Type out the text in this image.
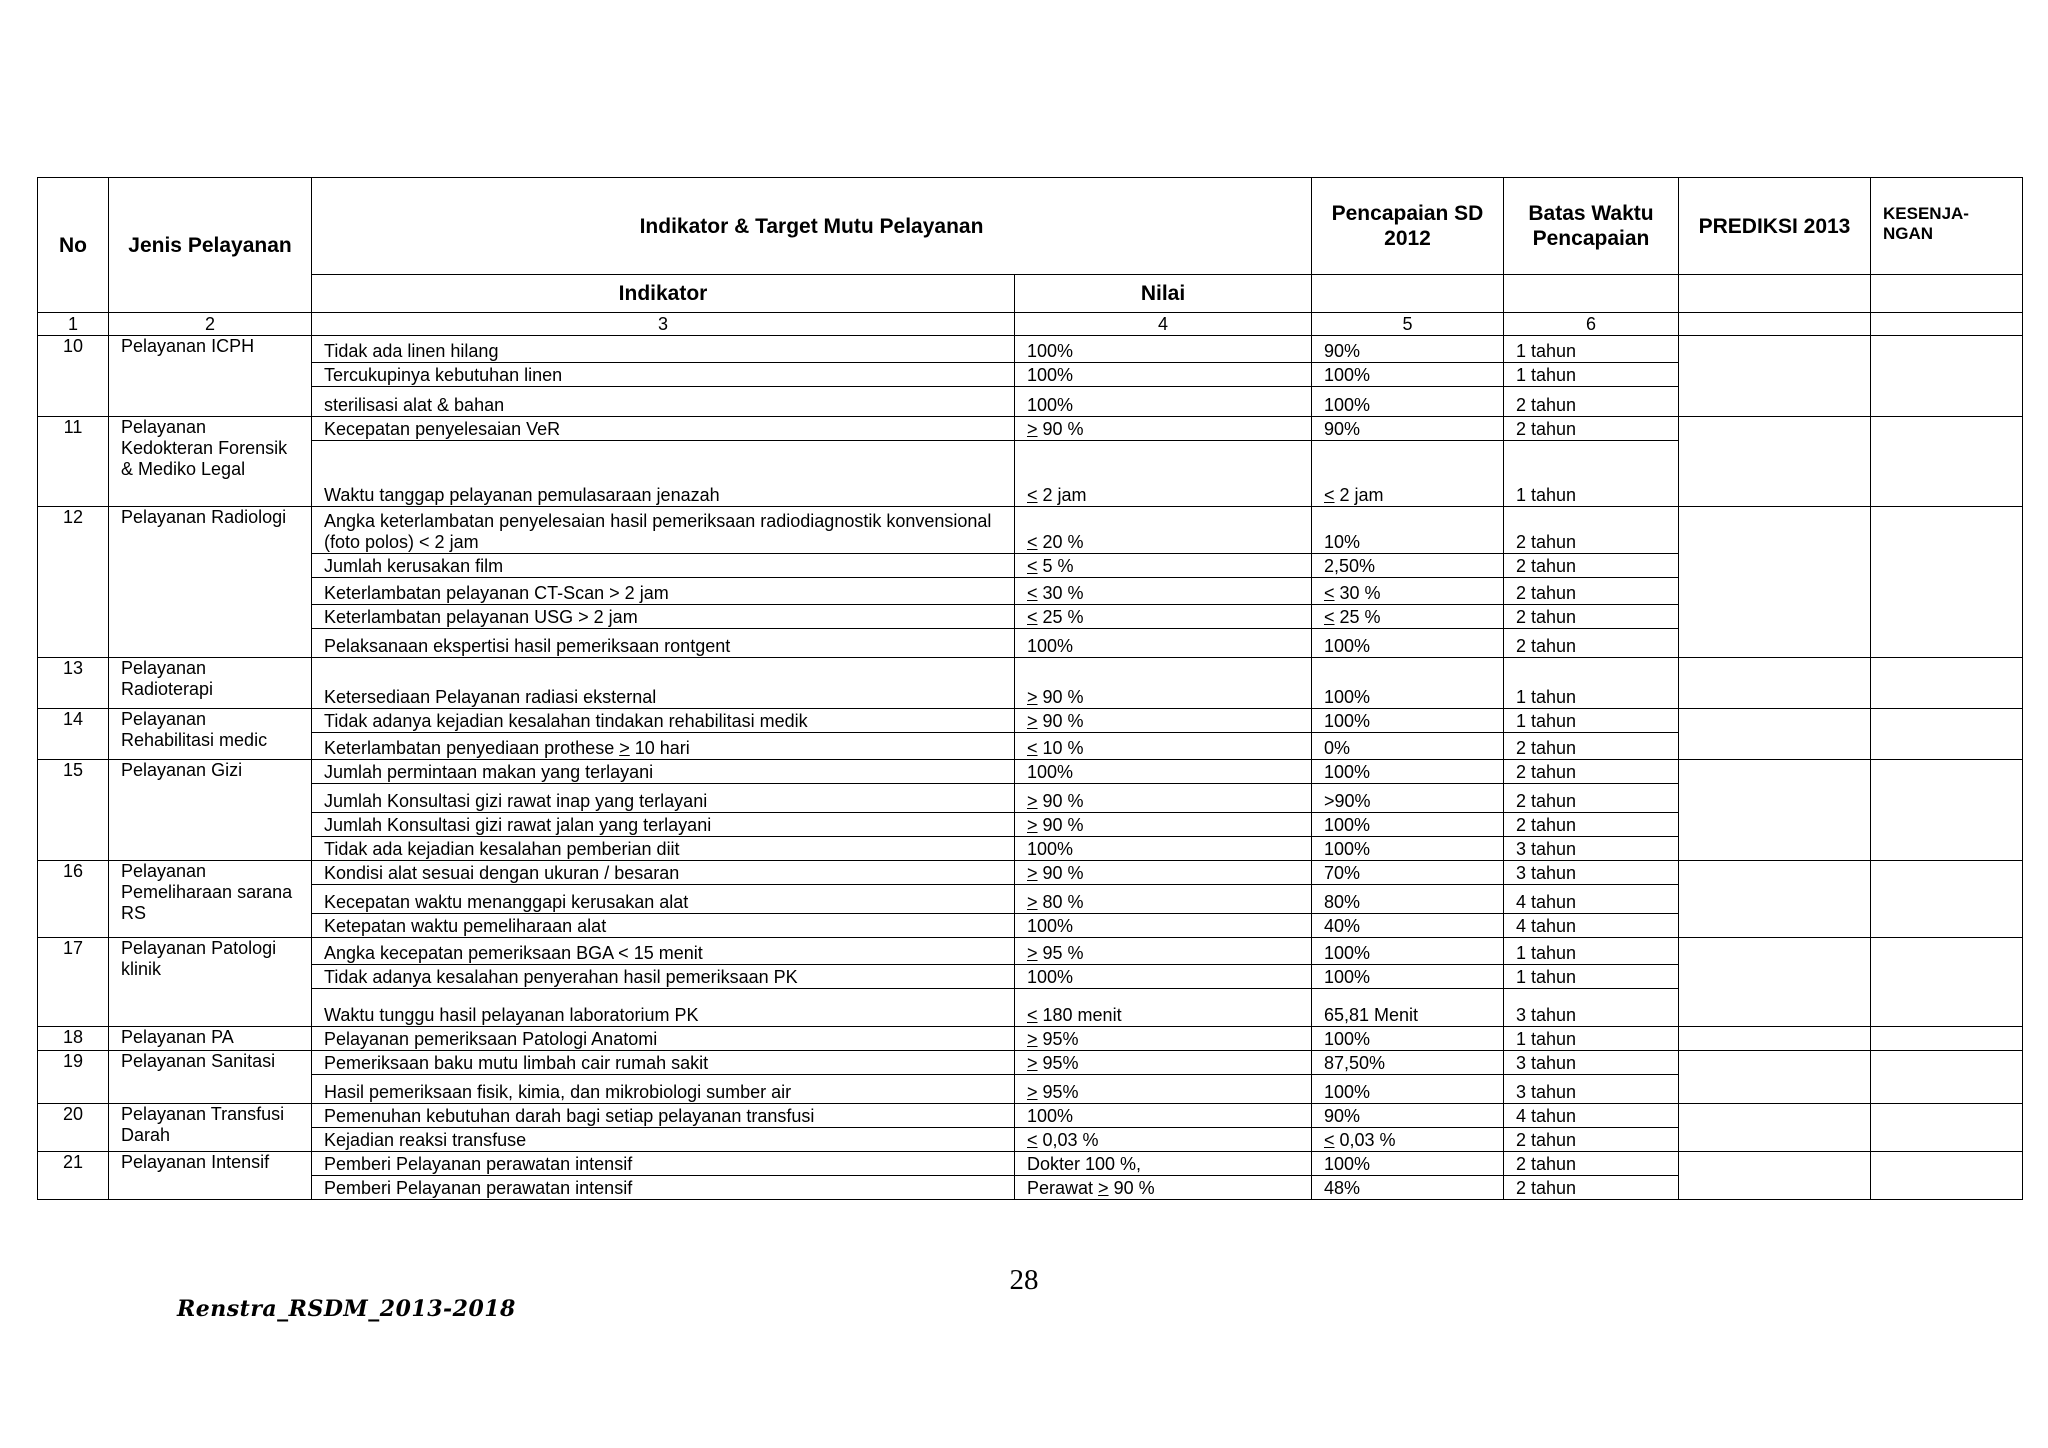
No	Jenis Pelayanan	Indikator & Target Mutu Pelayanan		Pencapaian SD 2012	Batas Waktu Pencapaian	PREDIKSI 2013	KESENJA-NGAN
		Indikator	Nilai				
1	2	3	4	5	6		
10	Pelayanan ICPH	Tidak ada linen hilang	100%	90%	1 tahun		
		Tercukupinya kebutuhan linen	100%	100%	1 tahun		
		sterilisasi alat & bahan	100%	100%	2 tahun		
11	Pelayanan Kedokteran Forensik & Mediko Legal	Kecepatan penyelesaian VeR	> 90 %	90%	2 tahun		
		Waktu tanggap pelayanan pemulasaraan jenazah	< 2 jam	< 2 jam	1 tahun		
12	Pelayanan Radiologi	Angka keterlambatan penyelesaian hasil pemeriksaan radiodiagnostik konvensional (foto polos) < 2 jam	< 20 %	10%	2 tahun		
		Jumlah kerusakan film	< 5 %	2,50%	2 tahun		
		Keterlambatan pelayanan CT-Scan > 2 jam	< 30 %	< 30 %	2 tahun		
		Keterlambatan pelayanan USG > 2 jam	< 25 %	< 25 %	2 tahun		
		Pelaksanaan ekspertisi hasil pemeriksaan rontgent	100%	100%	2 tahun		
13	Pelayanan Radioterapi	Ketersediaan Pelayanan radiasi eksternal	> 90 %	100%	1 tahun		
14	Pelayanan Rehabilitasi medic	Tidak adanya kejadian kesalahan tindakan rehabilitasi medik	> 90 %	100%	1 tahun		
		Keterlambatan penyediaan prothese > 10 hari	< 10 %	0%	2 tahun		
15	Pelayanan Gizi	Jumlah permintaan makan yang terlayani	100%	100%	2 tahun		
		Jumlah Konsultasi gizi rawat inap yang terlayani	> 90 %	>90%	2 tahun		
		Jumlah Konsultasi gizi rawat jalan yang terlayani	> 90 %	100%	2 tahun		
		Tidak ada kejadian kesalahan pemberian diit	100%	100%	3 tahun		
16	Pelayanan Pemeliharaan sarana RS	Kondisi alat sesuai dengan ukuran / besaran	> 90 %	70%	3 tahun		
		Kecepatan waktu menanggapi kerusakan alat	> 80 %	80%	4 tahun		
		Ketepatan waktu pemeliharaan alat	100%	40%	4 tahun		
17	Pelayanan Patologi klinik	Angka kecepatan pemeriksaan BGA < 15 menit	> 95 %	100%	1 tahun		
		Tidak adanya kesalahan penyerahan hasil pemeriksaan PK	100%	100%	1 tahun		
		Waktu tunggu hasil pelayanan laboratorium PK	< 180 menit	65,81 Menit	3 tahun		
18	Pelayanan PA	Pelayanan pemeriksaan Patologi Anatomi	> 95%	100%	1 tahun		
19	Pelayanan Sanitasi	Pemeriksaan baku mutu limbah cair rumah sakit	> 95%	87,50%	3 tahun		
		Hasil pemeriksaan fisik, kimia, dan mikrobiologi sumber air	> 95%	100%	3 tahun		
20	Pelayanan Transfusi Darah	Pemenuhan kebutuhan darah bagi setiap pelayanan transfusi	100%	90%	4 tahun		
		Kejadian reaksi transfuse	< 0,03 %	< 0,03 %	2 tahun		
21	Pelayanan Intensif	Pemberi Pelayanan perawatan intensif	Dokter 100 %,	100%	2 tahun		
		Pemberi Pelayanan perawatan intensif	Perawat > 90 %	48%	2 tahun		
28
Renstra_RSDM_2013-2018
